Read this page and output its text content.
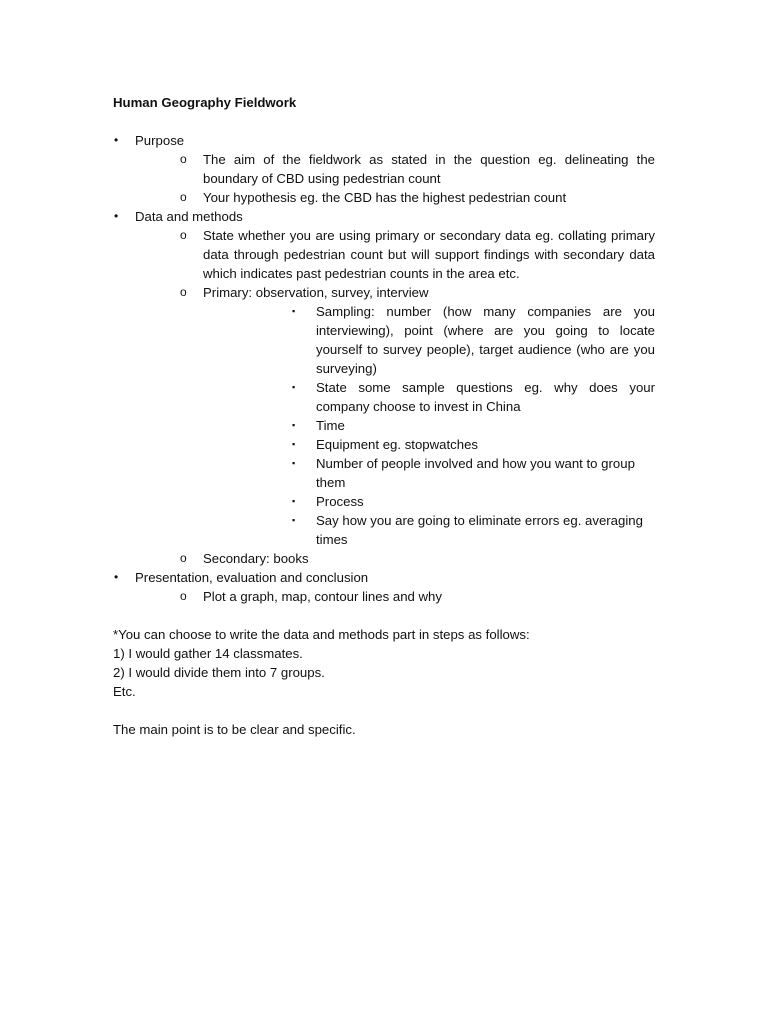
Human Geography Fieldwork

• Purpose
o The aim of the fieldwork as stated in the question eg. delineating the boundary of CBD using pedestrian count
o Your hypothesis eg. the CBD has the highest pedestrian count
• Data and methods
o State whether you are using primary or secondary data eg. collating primary data through pedestrian count but will support findings with secondary data which indicates past pedestrian counts in the area etc.
o Primary: observation, survey, interview
▪ Sampling: number (how many companies are you interviewing), point (where are you going to locate yourself to survey people), target audience (who are you surveying)
▪ State some sample questions eg. why does your company choose to invest in China
▪ Time
▪ Equipment eg. stopwatches
▪ Number of people involved and how you want to group them
▪ Process
▪ Say how you are going to eliminate errors eg. averaging times
o Secondary: books
• Presentation, evaluation and conclusion
o Plot a graph, map, contour lines and why

*You can choose to write the data and methods part in steps as follows:

1) I would gather 14 classmates.

2) I would divide them into 7 groups.

Etc.

The main point is to be clear and specific.
